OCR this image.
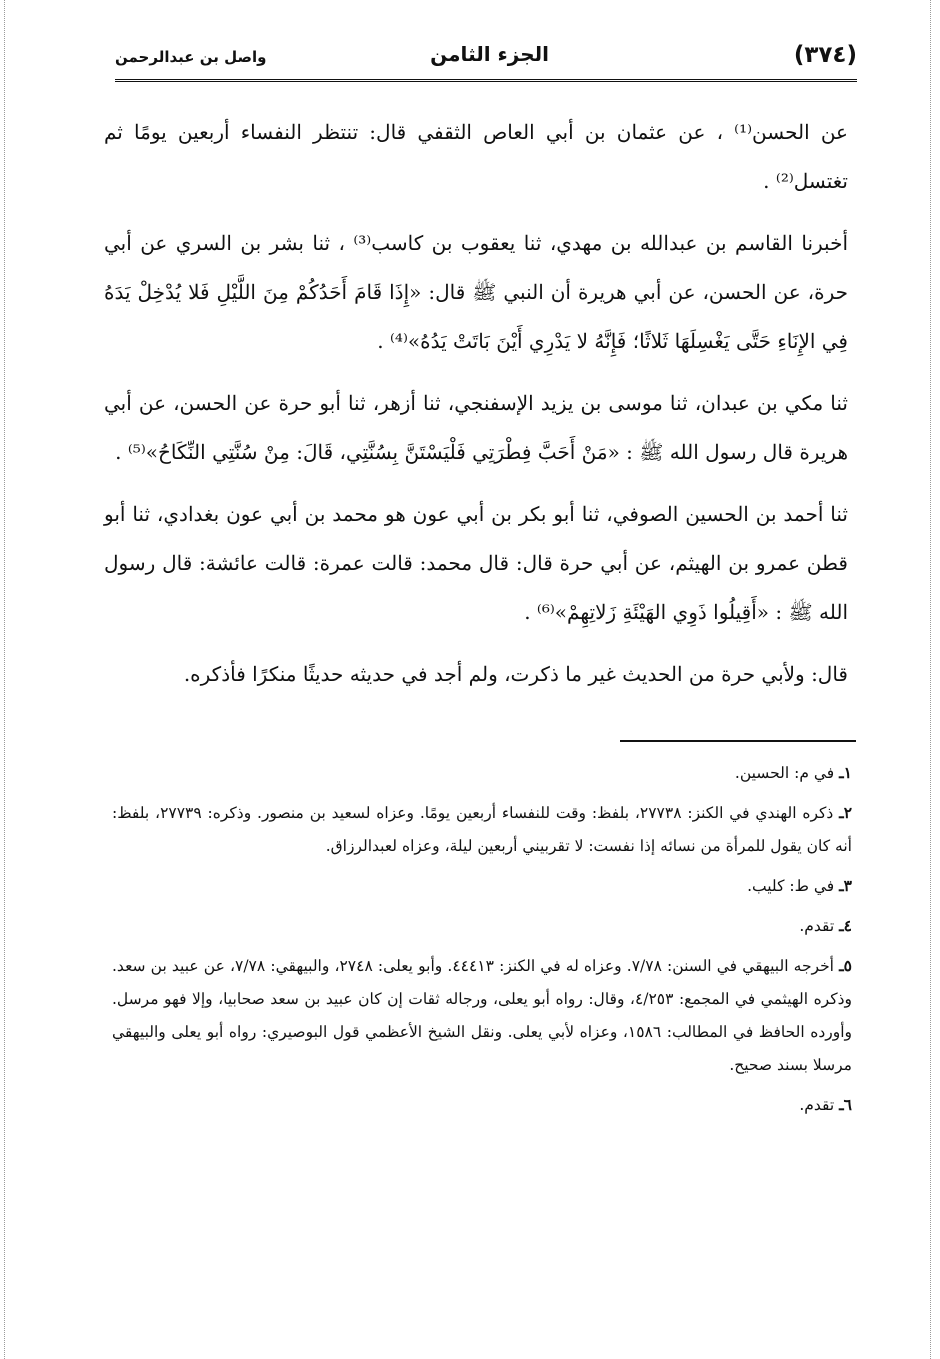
(٣٧٤)
الجزء الثامن
واصل بن عبدالرحمن

عن الحسن⁽¹⁾ ، عن عثمان بن أبي العاص الثقفي قال: تنتظر النفساء أربعين يومًا ثم تغتسل⁽²⁾ .

أخبرنا القاسم بن عبدالله بن مهدي، ثنا يعقوب بن كاسب⁽³⁾ ، ثنا بشر بن السري عن أبي حرة، عن الحسن، عن أبي هريرة أن النبي ﷺ قال: «إِذَا قَامَ أَحَدُكُمْ مِنَ اللَّيْلِ فَلا يُدْخِلْ يَدَهُ فِي الإِنَاءِ حَتَّى يَغْسِلَهَا ثَلاثًا؛ فَإِنَّهُ لا يَدْرِي أَيْنَ بَاتَتْ يَدُهُ»⁽⁴⁾ .

ثنا مكي بن عبدان، ثنا موسى بن يزيد الإسفنجي، ثنا أزهر، ثنا أبو حرة عن الحسن، عن أبي هريرة قال رسول الله ﷺ : «مَنْ أَحَبَّ فِطْرَتِي فَلْيَسْتَنَّ بِسُنَّتِي، قَالَ: مِنْ سُنَّتِي النِّكَاحُ»⁽⁵⁾ .

ثنا أحمد بن الحسين الصوفي، ثنا أبو بكر بن أبي عون هو محمد بن أبي عون بغدادي، ثنا أبو قطن عمرو بن الهيثم، عن أبي حرة قال: قال محمد: قالت عمرة: قالت عائشة: قال رسول الله ﷺ : «أَقِيلُوا ذَوِي الهَيْئَةِ زَلاتِهِمْ»⁽⁶⁾ .

قال: ولأبي حرة من الحديث غير ما ذكرت، ولم أجد في حديثه حديثًا منكرًا فأذكره.

١ـ في م: الحسين.
٢ـ ذكره الهندي في الكنز: ٢٧٧٣٨، بلفظ: وقت للنفساء أربعين يومًا. وعزاه لسعيد بن منصور. وذكره: ٢٧٧٣٩، بلفظ: أنه كان يقول للمرأة من نسائه إذا نفست: لا تقربيني أربعين ليلة، وعزاه لعبدالرزاق.
٣ـ في ط: كليب.
٤ـ تقدم.
٥ـ أخرجه البيهقي في السنن: ٧/٧٨. وعزاه له في الكنز: ٤٤٤١٣. وأبو يعلى: ٢٧٤٨، والبيهقي: ٧/٧٨، عن عبيد بن سعد. وذكره الهيثمي في المجمع: ٤/٢٥٣، وقال: رواه أبو يعلى، ورجاله ثقات إن كان عبيد بن سعد صحابيا، وإلا فهو مرسل. وأورده الحافظ في المطالب: ١٥٨٦، وعزاه لأبي يعلى. ونقل الشيخ الأعظمي قول البوصيري: رواه أبو يعلى والبيهقي مرسلا بسند صحيح.
٦ـ تقدم.
